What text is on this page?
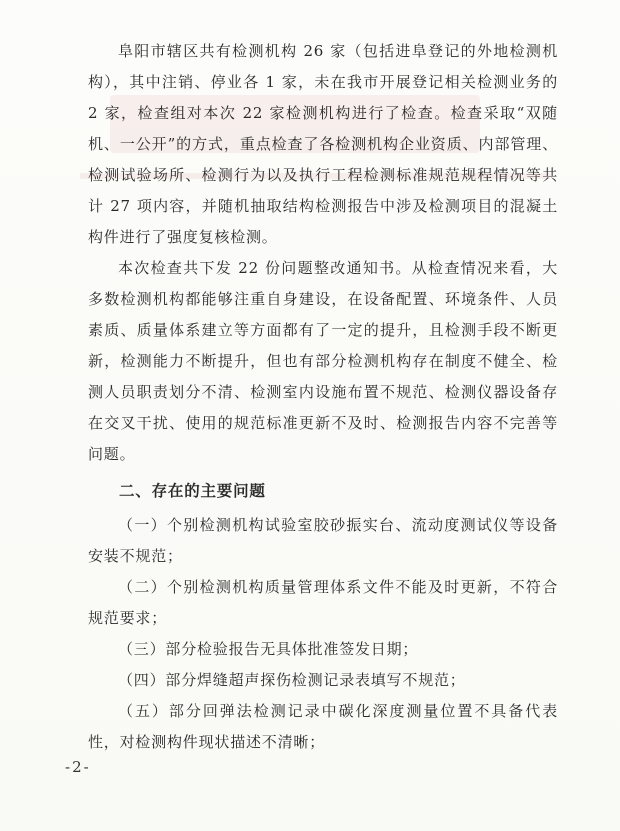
阜阳市辖区共有检测机构 26 家（包括进阜登记的外地检测机构），其中注销、停业各 1 家，未在我市开展登记相关检测业务的 2 家，检查组对本次 22 家检测机构进行了检查。检查采取“双随机、一公开”的方式，重点检查了各检测机构企业资质、内部管理、检测试验场所、检测行为以及执行工程检测标准规范规程情况等共计 27 项内容，并随机抽取结构检测报告中涉及检测项目的混凝土构件进行了强度复核检测。

本次检查共下发 22 份问题整改通知书。从检查情况来看，大多数检测机构都能够注重自身建设，在设备配置、环境条件、人员素质、质量体系建立等方面都有了一定的提升，且检测手段不断更新，检测能力不断提升，但也有部分检测机构存在制度不健全、检测人员职责划分不清、检测室内设施布置不规范、检测仪器设备存在交叉干扰、使用的规范标准更新不及时、检测报告内容不完善等问题。

二、存在的主要问题

（一）个别检测机构试验室胶砂振实台、流动度测试仪等设备安装不规范；

（二）个别检测机构质量管理体系文件不能及时更新，不符合规范要求；

（三）部分检验报告无具体批准签发日期；

（四）部分焊缝超声探伤检测记录表填写不规范；

（五）部分回弹法检测记录中碳化深度测量位置不具备代表性，对检测构件现状描述不清晰；

-2-
